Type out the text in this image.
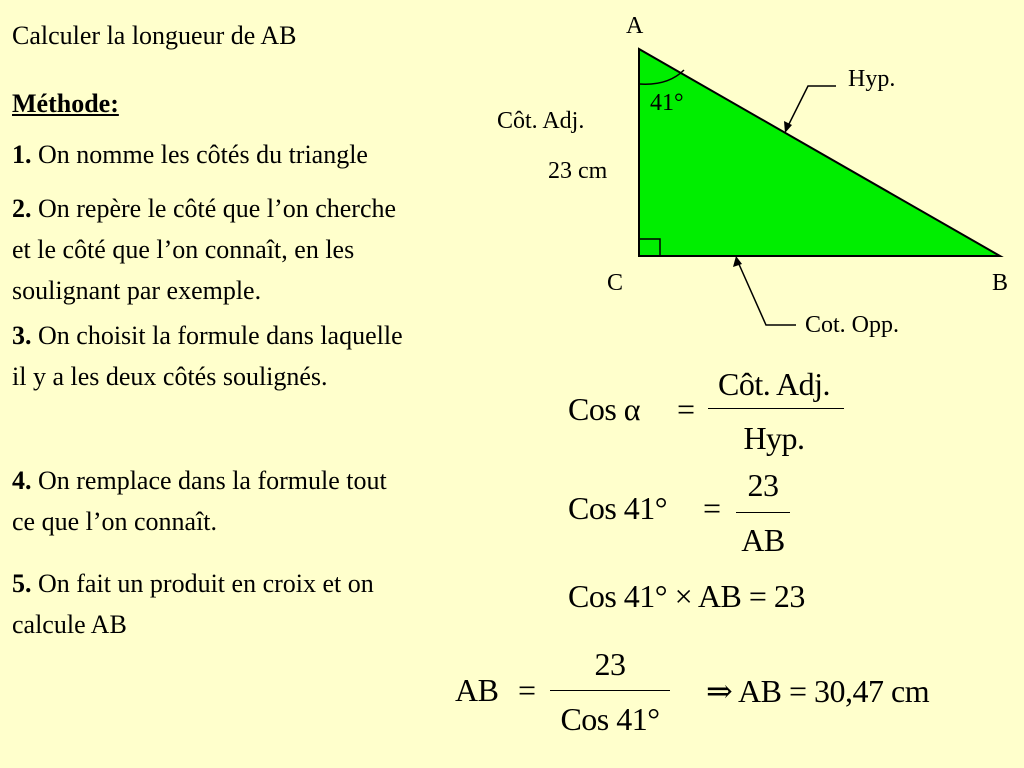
Calculer la longueur de AB
Méthode:
1. On nomme les côtés du triangle
2. On repère le côté que l’on cherche
et le côté que l’on connaît, en les
soulignant par exemple.
3. On choisit la formule dans laquelle
il y a les deux côtés soulignés.
4. On remplace dans la formule tout
ce que l’on connaît.
5. On fait un produit en croix et on
calcule AB
A
C	B
41°
Côt. Adj.
23 cm
Hyp.
Cot. Opp.
Cos α =
Côt. Adj.
Hyp.
Cos 41° =
23
AB
Cos 41° × AB = 23
AB =
23
Cos 41°
⇒ AB = 30,47 cm
